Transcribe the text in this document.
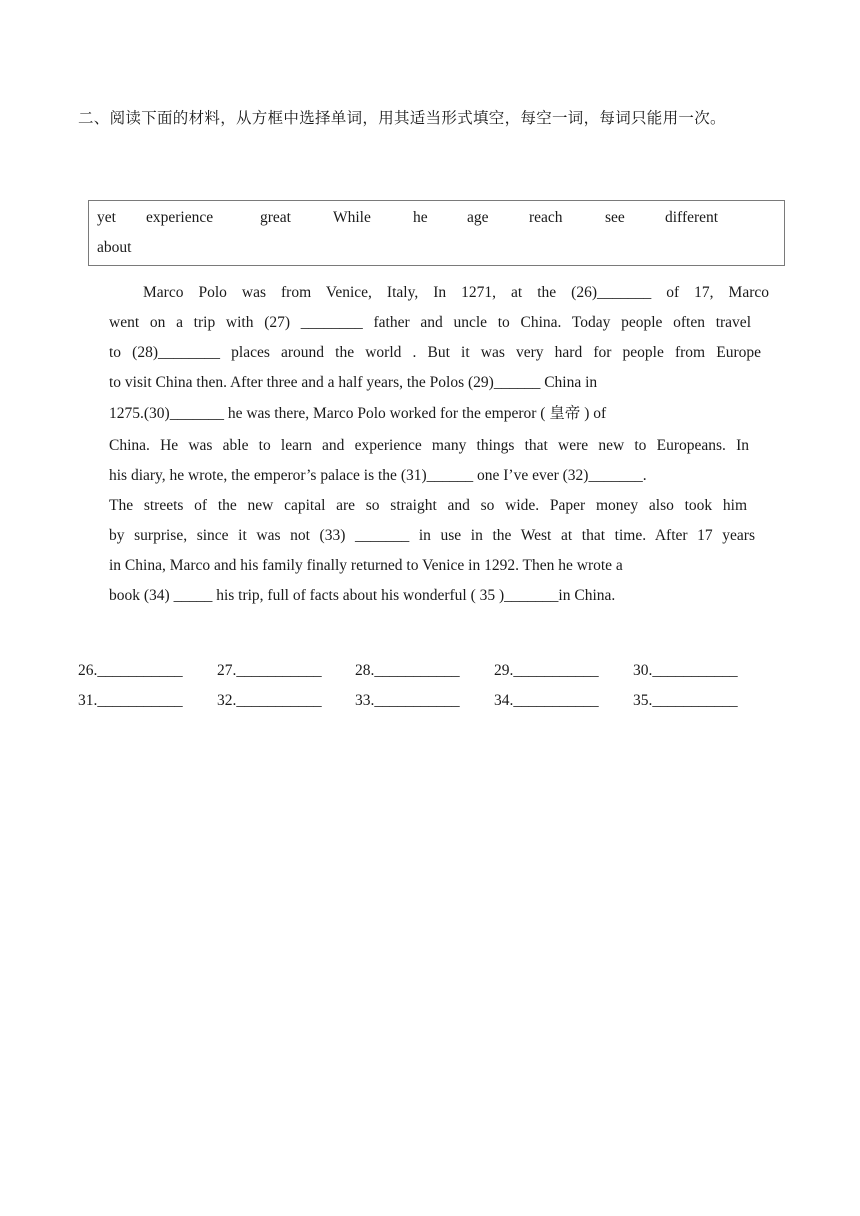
二、阅读下面的材料，从方框中选择单词，用其适当形式填空，每空一词，每词只能用一次。

yet experience	great	While	he	age	reach	see	different
about
Marco Polo was from Venice, Italy, In 1271, at the (26)_______ of 17, Marco
went on a trip with (27) ________ father and uncle to China. Today people often travel
to (28)________ places around the world . But it was very hard for people from Europe
to visit China then. After three and a half years, the Polos (29)______ China in
1275.(30)_______ he was there, Marco Polo worked for the emperor ( 皇帝 ) of
China. He was able to learn and experience many things that were new to Europeans. In
his diary, he wrote, the emperor’s palace is the (31)______ one I’ve ever (32)_______.
The streets of the new capital are so straight and so wide. Paper money also took him
by surprise, since it was not (33) _______ in use in the West at that time. After 17 years
in China, Marco and his family finally returned to Venice in 1292. Then he wrote a
book (34) _____ his trip, full of facts about his wonderful ( 35 )_______in China.
26.___________ 27.___________ 28.___________ 29.___________ 30.___________
31.___________ 32.___________ 33.___________ 34.___________ 35.___________
